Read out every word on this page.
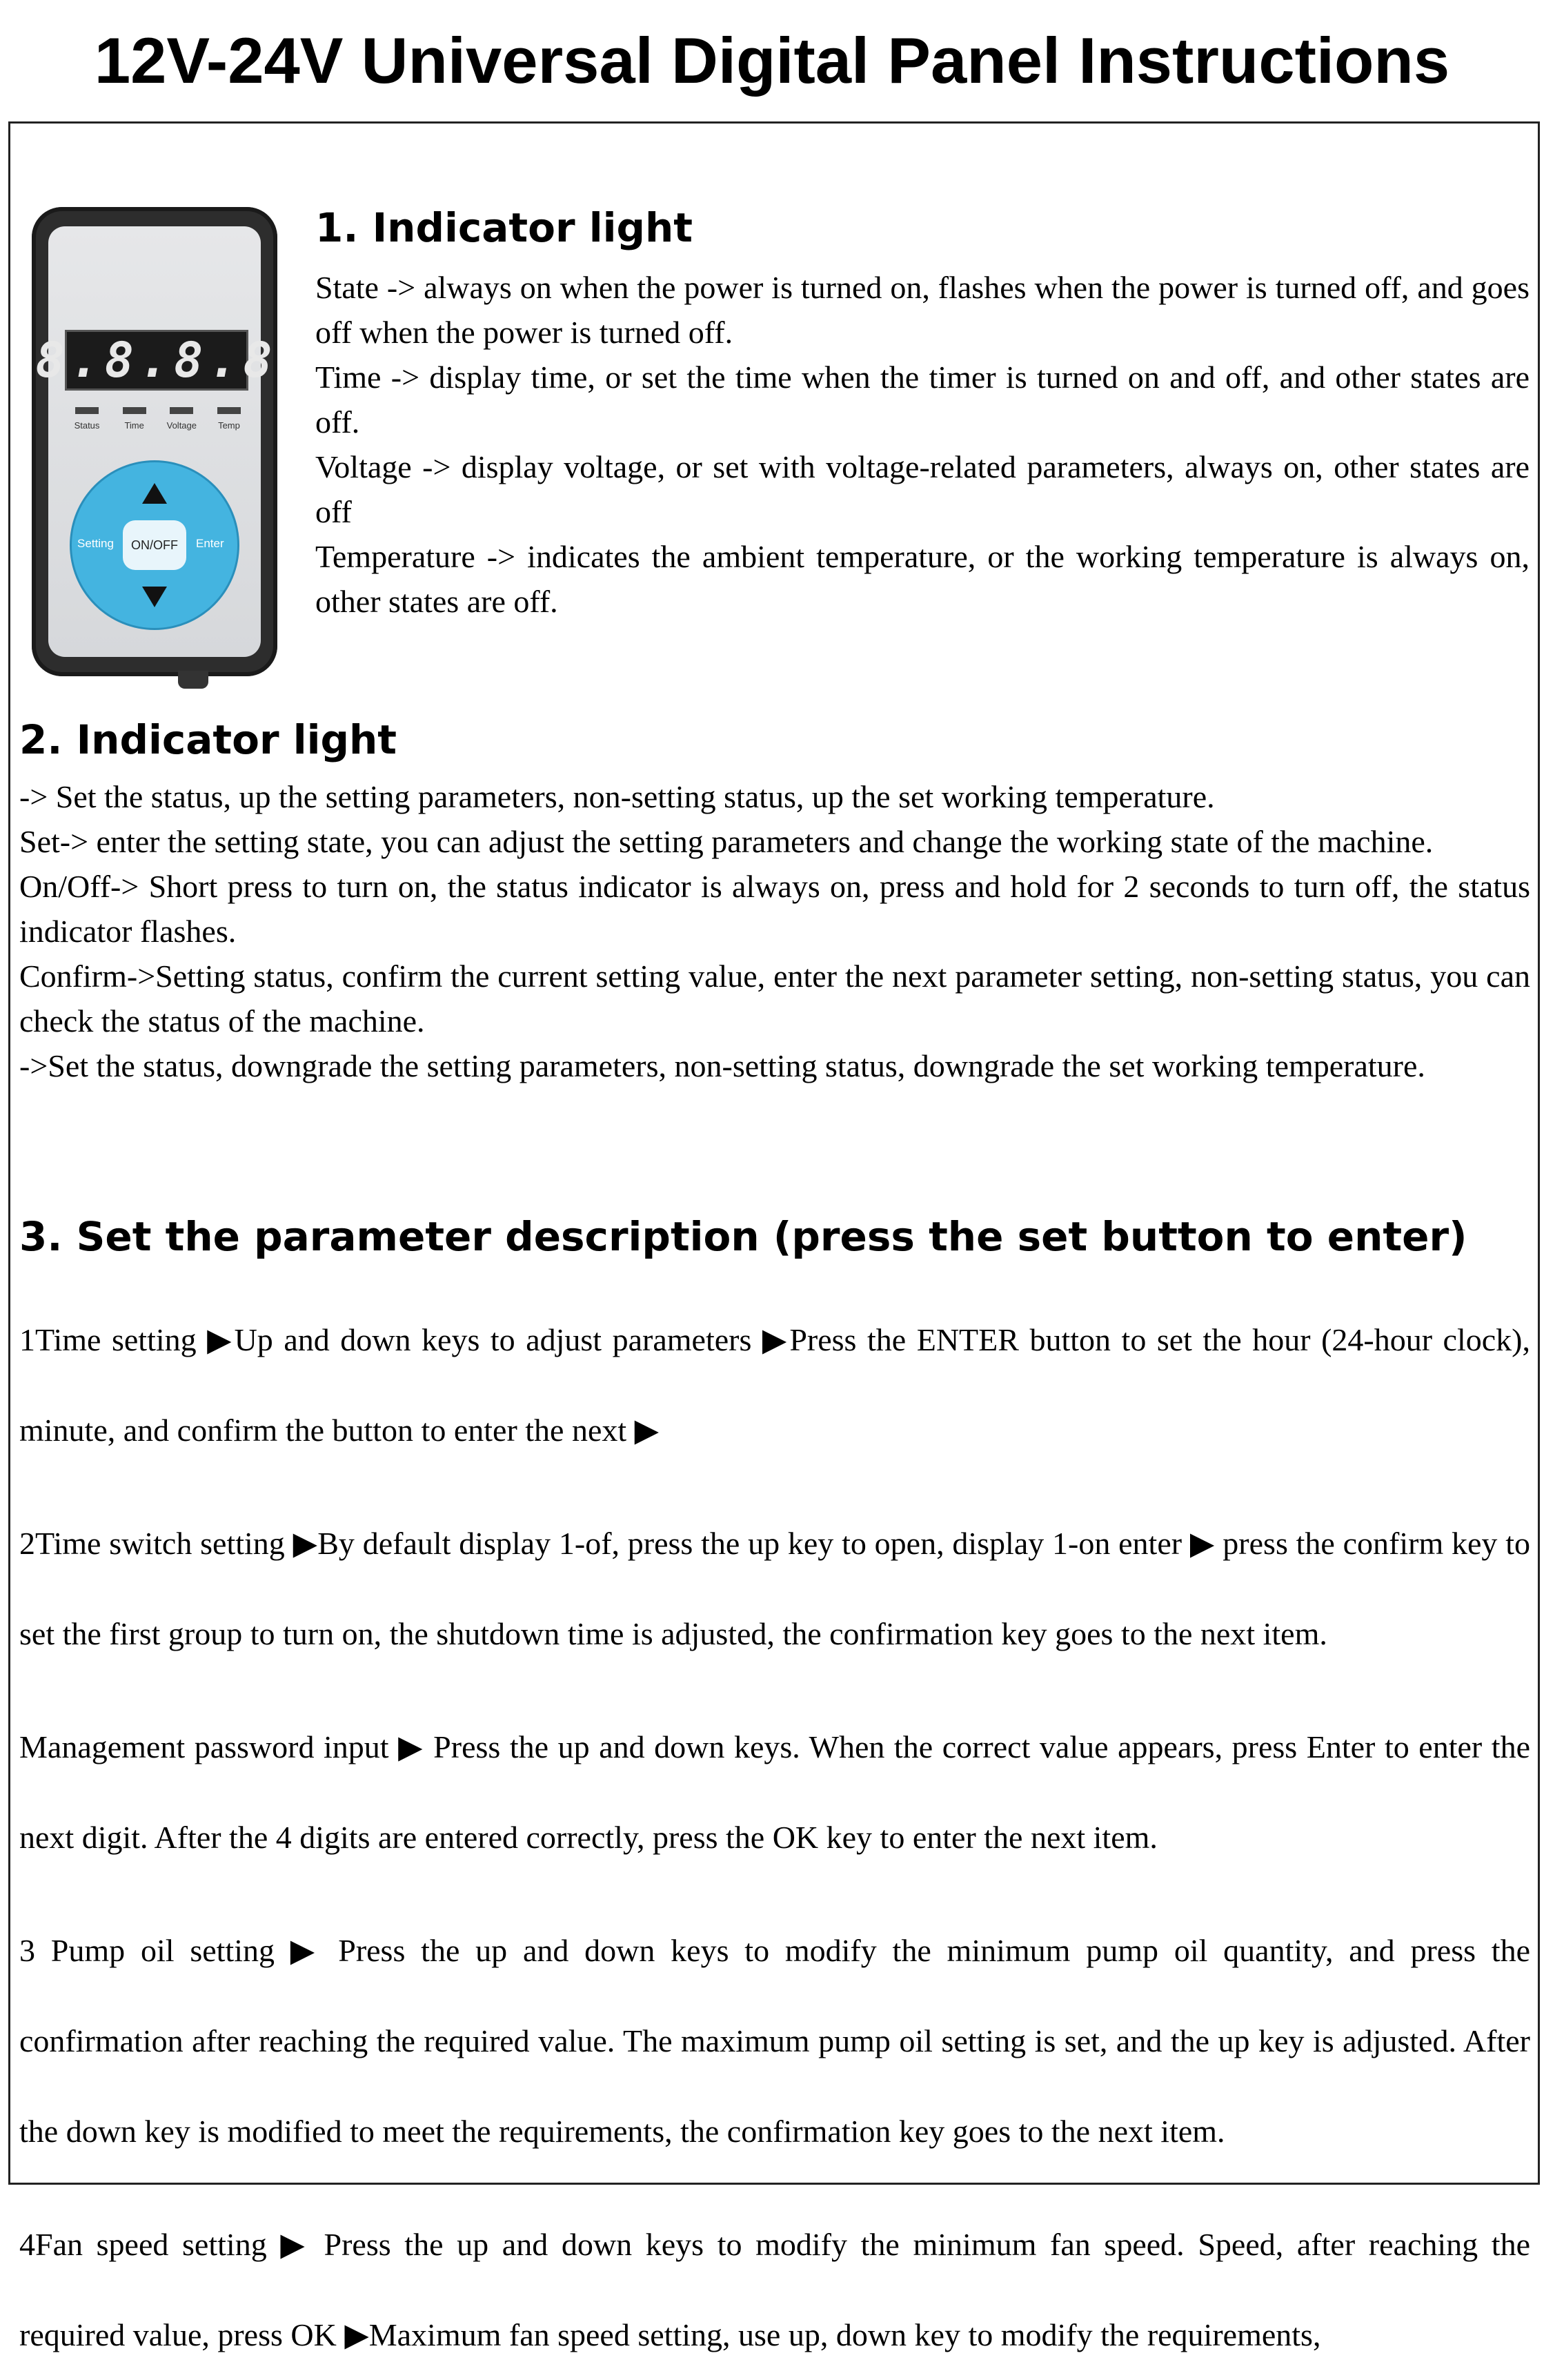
12V-24V Universal Digital Panel Instructions
8.8.8.8
Status	Time	Voltage	Temp
Setting ON/OFF Enter
1. Indicator light

State -> always on when the power is turned on, flashes when the power is turned off, and goes off when the power is turned off.

Time -> display time, or set the time when the timer is turned on and off, and other states are off.

Voltage -> display voltage, or set with voltage-related parameters, always on, other states are off

Temperature -> indicates the ambient temperature, or the working temperature is always on, other states are off.

2. Indicator light

-> Set the status, up the setting parameters, non-setting status, up the set working temperature.

Set-> enter the setting state, you can adjust the setting parameters and change the working state of the machine.

On/Off-> Short press to turn on, the status indicator is always on, press and hold for 2 seconds to turn off, the status indicator flashes.

Confirm->Setting status, confirm the current setting value, enter the next parameter setting, non-setting status, you can check the status of the machine.

->Set the status, downgrade the setting parameters, non-setting status, downgrade the set working temperature.

3. Set the parameter description (press the set button to enter)

1Time setting ▶Up and down keys to adjust parameters ▶Press the ENTER button to set the hour (24-hour clock), minute, and confirm the button to enter the next ▶

2Time switch setting ▶By default display 1-of, press the up key to open, display 1-on enter ▶ press the confirm key to set the first group to turn on, the shutdown time is adjusted, the confirmation key goes to the next item.

Management password input ▶ Press the up and down keys. When the correct value appears, press Enter to enter the next digit. After the 4 digits are entered correctly, press the OK key to enter the next item.

3 Pump oil setting ▶ Press the up and down keys to modify the minimum pump oil quantity, and press the confirmation after reaching the required value. The maximum pump oil setting is set, and the up key is adjusted. After the down key is modified to meet the requirements, the confirmation key goes to the next item.

4Fan speed setting ▶ Press the up and down keys to modify the minimum fan speed. Speed, after reaching the required value, press OK ▶Maximum fan speed setting, use up, down key to modify the requirements,
